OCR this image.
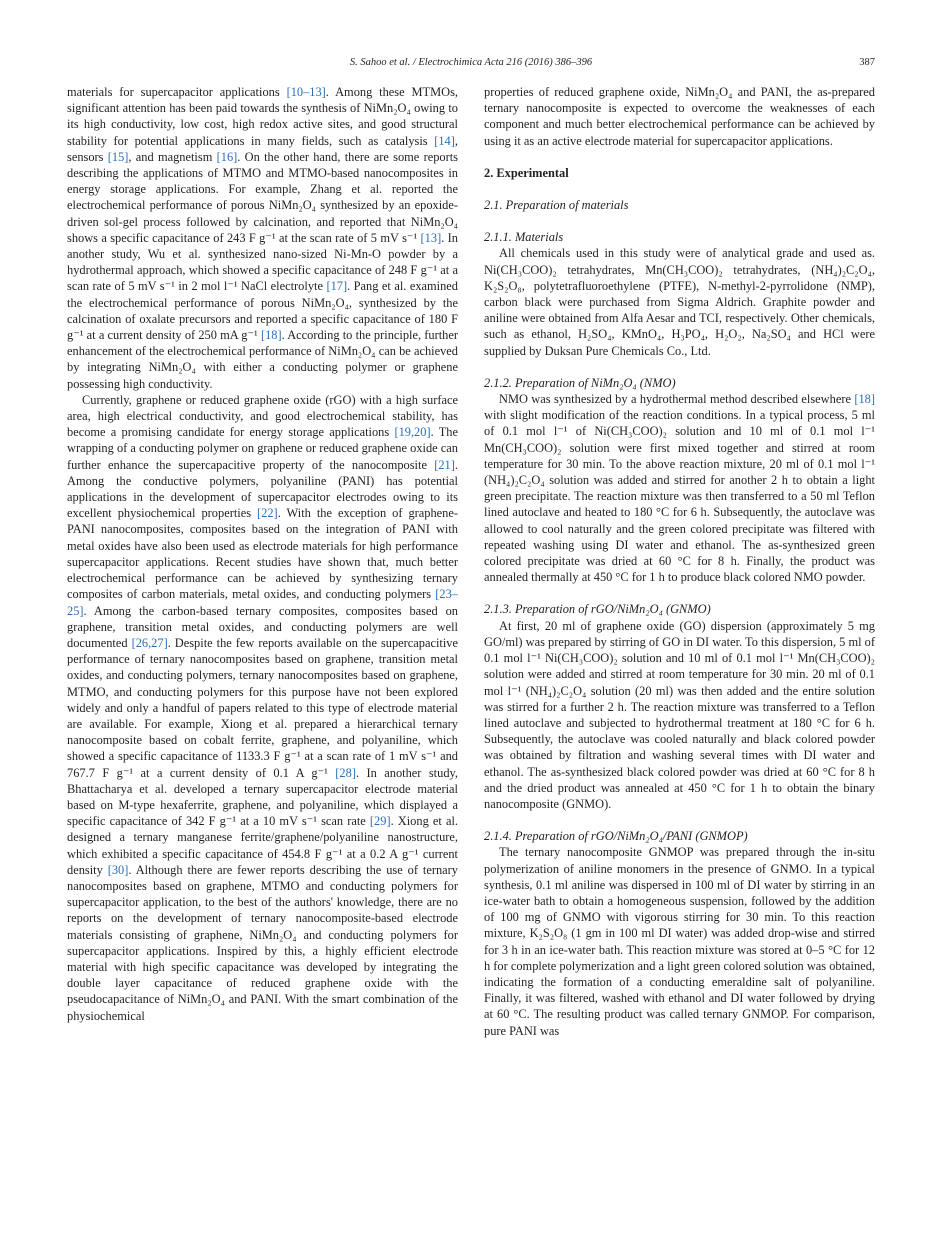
S. Sahoo et al. / Electrochimica Acta 216 (2016) 386–396	387

materials for supercapacitor applications [10–13]. Among these MTMOs, significant attention has been paid towards the synthesis of NiMn₂O₄ owing to its high conductivity, low cost, high redox active sites, and good structural stability for potential applications in many fields, such as catalysis [14], sensors [15], and magnetism [16]. On the other hand, there are some reports describing the applications of MTMO and MTMO-based nanocomposites in energy storage applications. For example, Zhang et al. reported the electrochemical performance of porous NiMn₂O₄ synthesized by an epoxide-driven sol-gel process followed by calcination, and reported that NiMn₂O₄ shows a specific capacitance of 243 F g⁻¹ at the scan rate of 5 mV s⁻¹ [13]. In another study, Wu et al. synthesized nano-sized Ni-Mn-O powder by a hydrothermal approach, which showed a specific capacitance of 248 F g⁻¹ at a scan rate of 5 mV s⁻¹ in 2 mol l⁻¹ NaCl electrolyte [17]. Pang et al. examined the electrochemical performance of porous NiMn₂O₄, synthesized by the calcination of oxalate precursors and reported a specific capacitance of 180 F g⁻¹ at a current density of 250 mA g⁻¹ [18]. According to the principle, further enhancement of the electrochemical performance of NiMn₂O₄ can be achieved by integrating NiMn₂O₄ with either a conducting polymer or graphene possessing high conductivity.

Currently, graphene or reduced graphene oxide (rGO) with a high surface area, high electrical conductivity, and good electrochemical stability, has become a promising candidate for energy storage applications [19,20]. The wrapping of a conducting polymer on graphene or reduced graphene oxide can further enhance the supercapacitive property of the nanocomposite [21]. Among the conductive polymers, polyaniline (PANI) has potential applications in the development of supercapacitor electrodes owing to its excellent physiochemical properties [22]. With the exception of graphene-PANI nanocomposites, composites based on the integration of PANI with metal oxides have also been used as electrode materials for high performance supercapacitor applications. Recent studies have shown that, much better electrochemical performance can be achieved by synthesizing ternary composites of carbon materials, metal oxides, and conducting polymers [23–25]. Among the carbon-based ternary composites, composites based on graphene, transition metal oxides, and conducting polymers are well documented [26,27]. Despite the few reports available on the supercapacitive performance of ternary nanocomposites based on graphene, transition metal oxides, and conducting polymers, ternary nanocomposites based on graphene, MTMO, and conducting polymers for this purpose have not been explored widely and only a handful of papers related to this type of electrode material are available. For example, Xiong et al. prepared a hierarchical ternary nanocomposite based on cobalt ferrite, graphene, and polyaniline, which showed a specific capacitance of 1133.3 F g⁻¹ at a scan rate of 1 mV s⁻¹ and 767.7 F g⁻¹ at a current density of 0.1 A g⁻¹ [28]. In another study, Bhattacharya et al. developed a ternary supercapacitor electrode material based on M-type hexaferrite, graphene, and polyaniline, which displayed a specific capacitance of 342 F g⁻¹ at a 10 mV s⁻¹ scan rate [29]. Xiong et al. designed a ternary manganese ferrite/graphene/polyaniline nanostructure, which exhibited a specific capacitance of 454.8 F g⁻¹ at a 0.2 A g⁻¹ current density [30]. Although there are fewer reports describing the use of ternary nanocomposites based on graphene, MTMO and conducting polymers for supercapacitor application, to the best of the authors' knowledge, there are no reports on the development of ternary nanocomposite-based electrode materials consisting of graphene, NiMn₂O₄ and conducting polymers for supercapacitor applications. Inspired by this, a highly efficient electrode material with high specific capacitance was developed by integrating the double layer capacitance of reduced graphene oxide with the pseudocapacitance of NiMn₂O₄ and PANI. With the smart combination of the physiochemical

properties of reduced graphene oxide, NiMn₂O₄ and PANI, the as-prepared ternary nanocomposite is expected to overcome the weaknesses of each component and much better electrochemical performance can be achieved by using it as an active electrode material for supercapacitor applications.

2. Experimental
2.1. Preparation of materials
2.1.1. Materials

All chemicals used in this study were of analytical grade and used as. Ni(CH₃COO)₂ tetrahydrates, Mn(CH₃COO)₂ tetrahydrates, (NH₄)₂C₂O₄, K₂S₂O₈, polytetrafluoroethylene (PTFE), N-methyl-2-pyrrolidone (NMP), carbon black were purchased from Sigma Aldrich. Graphite powder and aniline were obtained from Alfa Aesar and TCI, respectively. Other chemicals, such as ethanol, H₂SO₄, KMnO₄, H₃PO₄, H₂O₂, Na₂SO₄ and HCl were supplied by Duksan Pure Chemicals Co., Ltd.

2.1.2. Preparation of NiMn₂O₄ (NMO)

NMO was synthesized by a hydrothermal method described elsewhere [18] with slight modification of the reaction conditions. In a typical process, 5 ml of 0.1 mol l⁻¹ of Ni(CH₃COO)₂ solution and 10 ml of 0.1 mol l⁻¹ Mn(CH₃COO)₂ solution were first mixed together and stirred at room temperature for 30 min. To the above reaction mixture, 20 ml of 0.1 mol l⁻¹ (NH₄)₂C₂O₄ solution was added and stirred for another 2 h to obtain a light green precipitate. The reaction mixture was then transferred to a 50 ml Teflon lined autoclave and heated to 180 °C for 6 h. Subsequently, the autoclave was allowed to cool naturally and the green colored precipitate was filtered with repeated washing using DI water and ethanol. The as-synthesized green colored precipitate was dried at 60 °C for 8 h. Finally, the product was annealed thermally at 450 °C for 1 h to produce black colored NMO powder.

2.1.3. Preparation of rGO/NiMn₂O₄ (GNMO)

At first, 20 ml of graphene oxide (GO) dispersion (approximately 5 mg GO/ml) was prepared by stirring of GO in DI water. To this dispersion, 5 ml of 0.1 mol l⁻¹ Ni(CH₃COO)₂ solution and 10 ml of 0.1 mol l⁻¹ Mn(CH₃COO)₂ solution were added and stirred at room temperature for 30 min. 20 ml of 0.1 mol l⁻¹ (NH₄)₂C₂O₄ solution (20 ml) was then added and the entire solution was stirred for a further 2 h. The reaction mixture was transferred to a Teflon lined autoclave and subjected to hydrothermal treatment at 180 °C for 6 h. Subsequently, the autoclave was cooled naturally and black colored powder was obtained by filtration and washing several times with DI water and ethanol. The as-synthesized black colored powder was dried at 60 °C for 8 h and the dried product was annealed at 450 °C for 1 h to obtain the binary nanocomposite (GNMO).

2.1.4. Preparation of rGO/NiMn₂O₄/PANI (GNMOP)

The ternary nanocomposite GNMOP was prepared through the in-situ polymerization of aniline monomers in the presence of GNMO. In a typical synthesis, 0.1 ml aniline was dispersed in 100 ml of DI water by stirring in an ice-water bath to obtain a homogeneous suspension, followed by the addition of 100 mg of GNMO with vigorous stirring for 30 min. To this reaction mixture, K₂S₂O₈ (1 gm in 100 ml DI water) was added drop-wise and stirred for 3 h in an ice-water bath. This reaction mixture was stored at 0–5 °C for 12 h for complete polymerization and a light green colored solution was obtained, indicating the formation of a conducting emeraldine salt of polyaniline. Finally, it was filtered, washed with ethanol and DI water followed by drying at 60 °C. The resulting product was called ternary GNMOP. For comparison, pure PANI was
